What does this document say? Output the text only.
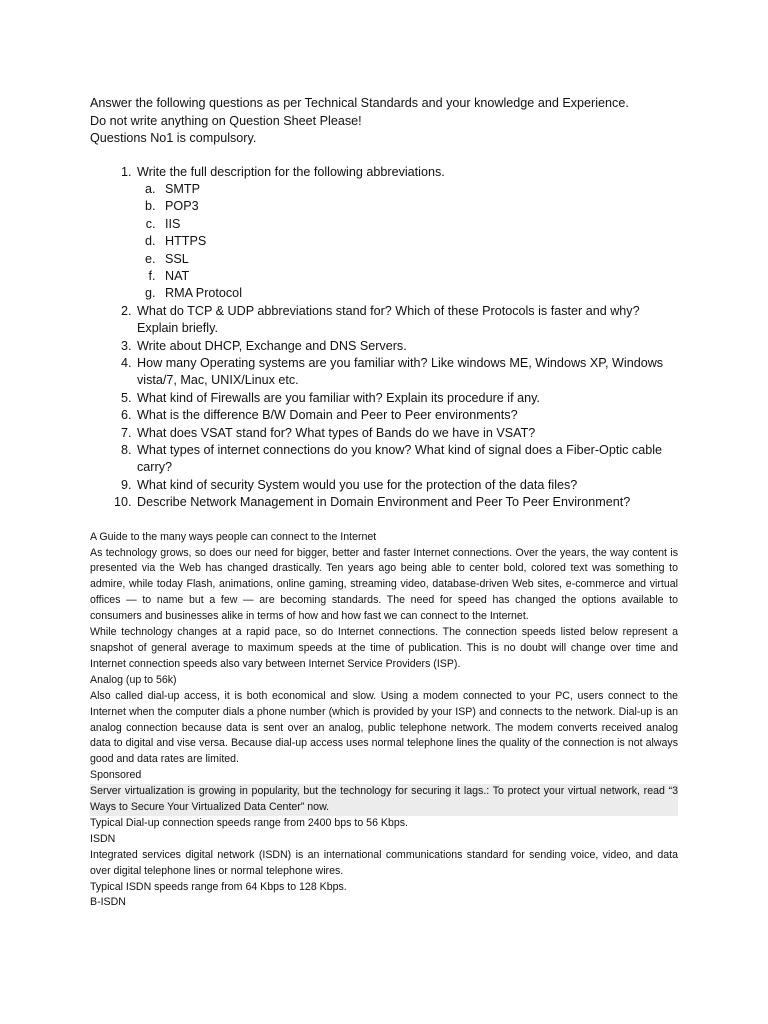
Answer the following questions as per Technical Standards and your knowledge and Experience.

Do not write anything on Question Sheet Please!

Questions No1 is compulsory.

1. Write the full description for the following abbreviations.
a. SMTP
b. POP3
c. IIS
d. HTTPS
e. SSL
f. NAT
g. RMA Protocol
2. What do TCP & UDP abbreviations stand for? Which of these Protocols is faster and why? Explain briefly.
3. Write about DHCP, Exchange and DNS Servers.
4. How many Operating systems are you familiar with? Like windows ME, Windows XP, Windows vista/7, Mac, UNIX/Linux etc.
5. What kind of Firewalls are you familiar with? Explain its procedure if any.
6. What is the difference B/W Domain and Peer to Peer environments?
7. What does VSAT stand for? What types of Bands do we have in VSAT?
8. What types of internet connections do you know? What kind of signal does a Fiber-Optic cable carry?
9. What kind of security System would you use for the protection of the data files?
10. Describe Network Management in Domain Environment and Peer To Peer Environment?

A Guide to the many ways people can connect to the Internet

As technology grows, so does our need for bigger, better and faster Internet connections. Over the years, the way content is presented via the Web has changed drastically. Ten years ago being able to center bold, colored text was something to admire, while today Flash, animations, online gaming, streaming video, database-driven Web sites, e-commerce and virtual offices — to name but a few — are becoming standards. The need for speed has changed the options available to consumers and businesses alike in terms of how and how fast we can connect to the Internet.

While technology changes at a rapid pace, so do Internet connections. The connection speeds listed below represent a snapshot of general average to maximum speeds at the time of publication. This is no doubt will change over time and Internet connection speeds also vary between Internet Service Providers (ISP).

Analog (up to 56k)

Also called dial-up access, it is both economical and slow. Using a modem connected to your PC, users connect to the Internet when the computer dials a phone number (which is provided by your ISP) and connects to the network. Dial-up is an analog connection because data is sent over an analog, public telephone network. The modem converts received analog data to digital and vise versa. Because dial-up access uses normal telephone lines the quality of the connection is not always good and data rates are limited.

Sponsored

Server virtualization is growing in popularity, but the technology for securing it lags.: To protect your virtual network, read “3 Ways to Secure Your Virtualized Data Center” now.

Typical Dial-up connection speeds range from 2400 bps to 56 Kbps.

ISDN

Integrated services digital network (ISDN) is an international communications standard for sending voice, video, and data over digital telephone lines or normal telephone wires.

Typical ISDN speeds range from 64 Kbps to 128 Kbps.

B-ISDN
